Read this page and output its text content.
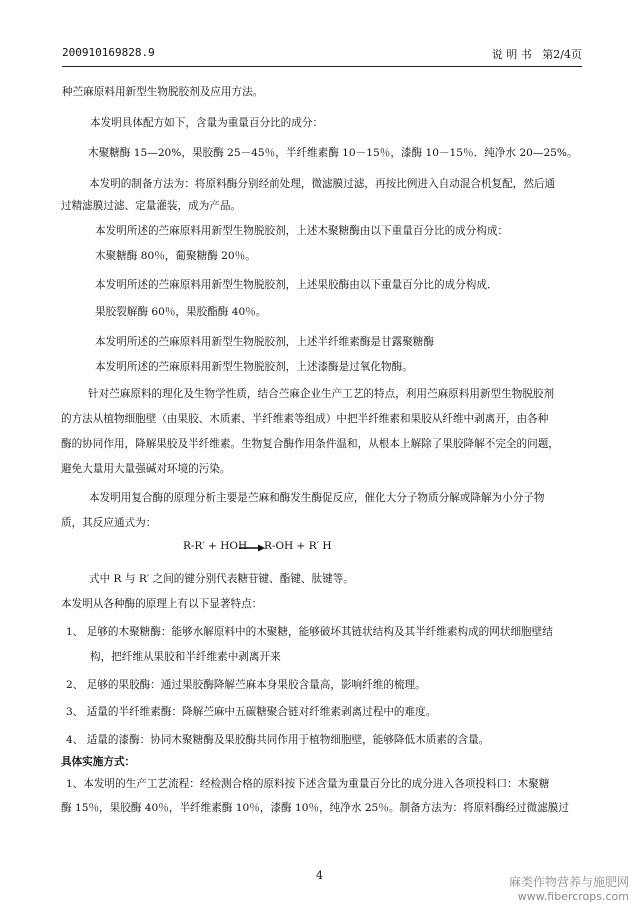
200910169828.9	说 明 书 第2/4页
种苎麻原料用新型生物脱胶剂及应用方法。
本发明具体配方如下，含量为重量百分比的成分：
木聚糖酶 15—20%，果胶酶 25－45％，半纤维素酶 10－15％，漆酶 10－15％．纯净水 20—25%。
本发明的制备方法为：将原料酶分别经前处理，微滤膜过滤，再按比例进入自动混合机复配，然后通
过精滤膜过滤、定量灌装，成为产品。
本发明所述的苎麻原料用新型生物脱胶剂，上述木聚糖酶由以下重量百分比的成分构成：
木聚糖酶 80％，葡聚糖酶 20％。
本发明所述的苎麻原料用新型生物脱胶剂，上述果胶酶由以下重量百分比的成分构成．
果胶裂解酶 60％，果胶酯酶 40％。
本发明所述的苎麻原料用新型生物脱胶剂，上述半纤维素酶是甘露聚糖酶
本发明所述的苎麻原料用新型生物脱胶剂，上述漆酶是过氧化物酶。
针对苎麻原料的理化及生物学性质，结合苎麻企业生产工艺的特点，利用苎麻原料用新型生物脱胶剂
的方法从植物细胞壁（由果胶、木质素、半纤维素等组成）中把半纤维素和果胶从纤维中剥离开，由各种
酶的协同作用，降解果胶及半纤维素。生物复合酶作用条件温和，从根本上解除了果胶降解不完全的问题，
避免大量用大量强碱对环境的污染。
本发明用复合酶的原理分析主要是苎麻和酶发生酶促反应，催化大分子物质分解或降解为小分子物
质，其反应通式为：
R-R′ + HOH → R-OH + R′ H
式中 R 与 R′ 之间的键分别代表糖苷键、酯键、肽键等。
本发明从各种酶的原理上有以下显著特点：
1、 足够的木聚糖酶：能够水解原料中的木聚糖，能够破坏其链状结构及其半纤维素构成的网状细胞壁结
构，把纤维从果胶和半纤维素中剥离开来
2、 足够的果胶酶：通过果胶酶降解苎麻本身果胶含量高，影响纤维的梳理。
3、 适量的半纤维素酶：降解苎麻中五碳糖聚合链对纤维素剥离过程中的难度。
4、 适量的漆酶：协同木聚糖酶及果胶酶共同作用于植物细胞壁，能够降低木质素的含量。
具体实施方式：
1、本发明的生产工艺流程：经检测合格的原料按下述含量为重量百分比的成分进入各项投料口：木聚糖
酶 15％，果胶酶 40％，半纤维素酶 10％，漆酶 10％，纯净水 25％。制备方法为：将原料酶经过微滤膜过
4	麻类作物营养与施肥网
www.fibercrops.com
